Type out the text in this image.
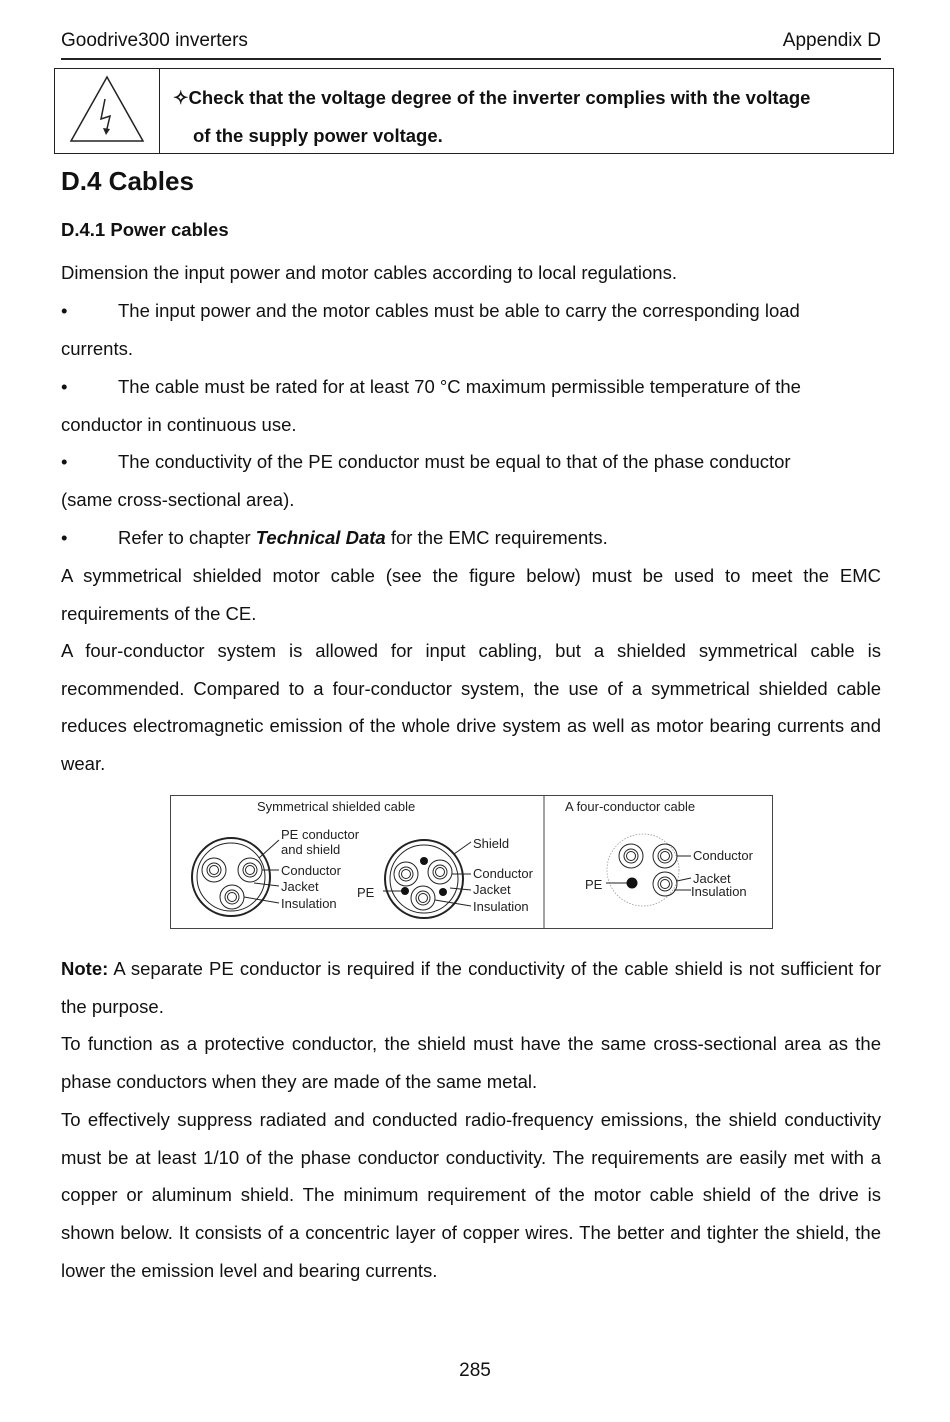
Goodrive300 inverters	Appendix D
✧Check that the voltage degree of the inverter complies with the voltage
of the supply power voltage.
D.4 Cables
D.4.1 Power cables
Dimension the input power and motor cables according to local regulations.
•	The input power and the motor cables must be able to carry the corresponding load
currents.
•	The cable must be rated for at least 70 °C maximum permissible temperature of the
conductor in continuous use.
•	The conductivity of the PE conductor must be equal to that of the phase conductor
(same cross-sectional area).
•	Refer to chapter Technical Data for the EMC requirements.
A symmetrical shielded motor cable (see the figure below) must be used to meet the EMC requirements of the CE.
A four-conductor system is allowed for input cabling, but a shielded symmetrical cable is recommended. Compared to a four-conductor system, the use of a symmetrical shielded cable reduces electromagnetic emission of the whole drive system as well as motor bearing currents and wear.
Symmetrical shielded cable	A four-conductor cable
PE conductor
and shield
Conductor
Jacket
Insulation
Shield
Conductor
Jacket
Insulation
PE
Conductor
Jacket
Insulation
PE
Note: A separate PE conductor is required if the conductivity of the cable shield is not sufficient for the purpose.
To function as a protective conductor, the shield must have the same cross-sectional area as the phase conductors when they are made of the same metal.
To effectively suppress radiated and conducted radio-frequency emissions, the shield conductivity must be at least 1/10 of the phase conductor conductivity. The requirements are easily met with a copper or aluminum shield. The minimum requirement of the motor cable shield of the drive is shown below. It consists of a concentric layer of copper wires. The better and tighter the shield, the lower the emission level and bearing currents.
285
